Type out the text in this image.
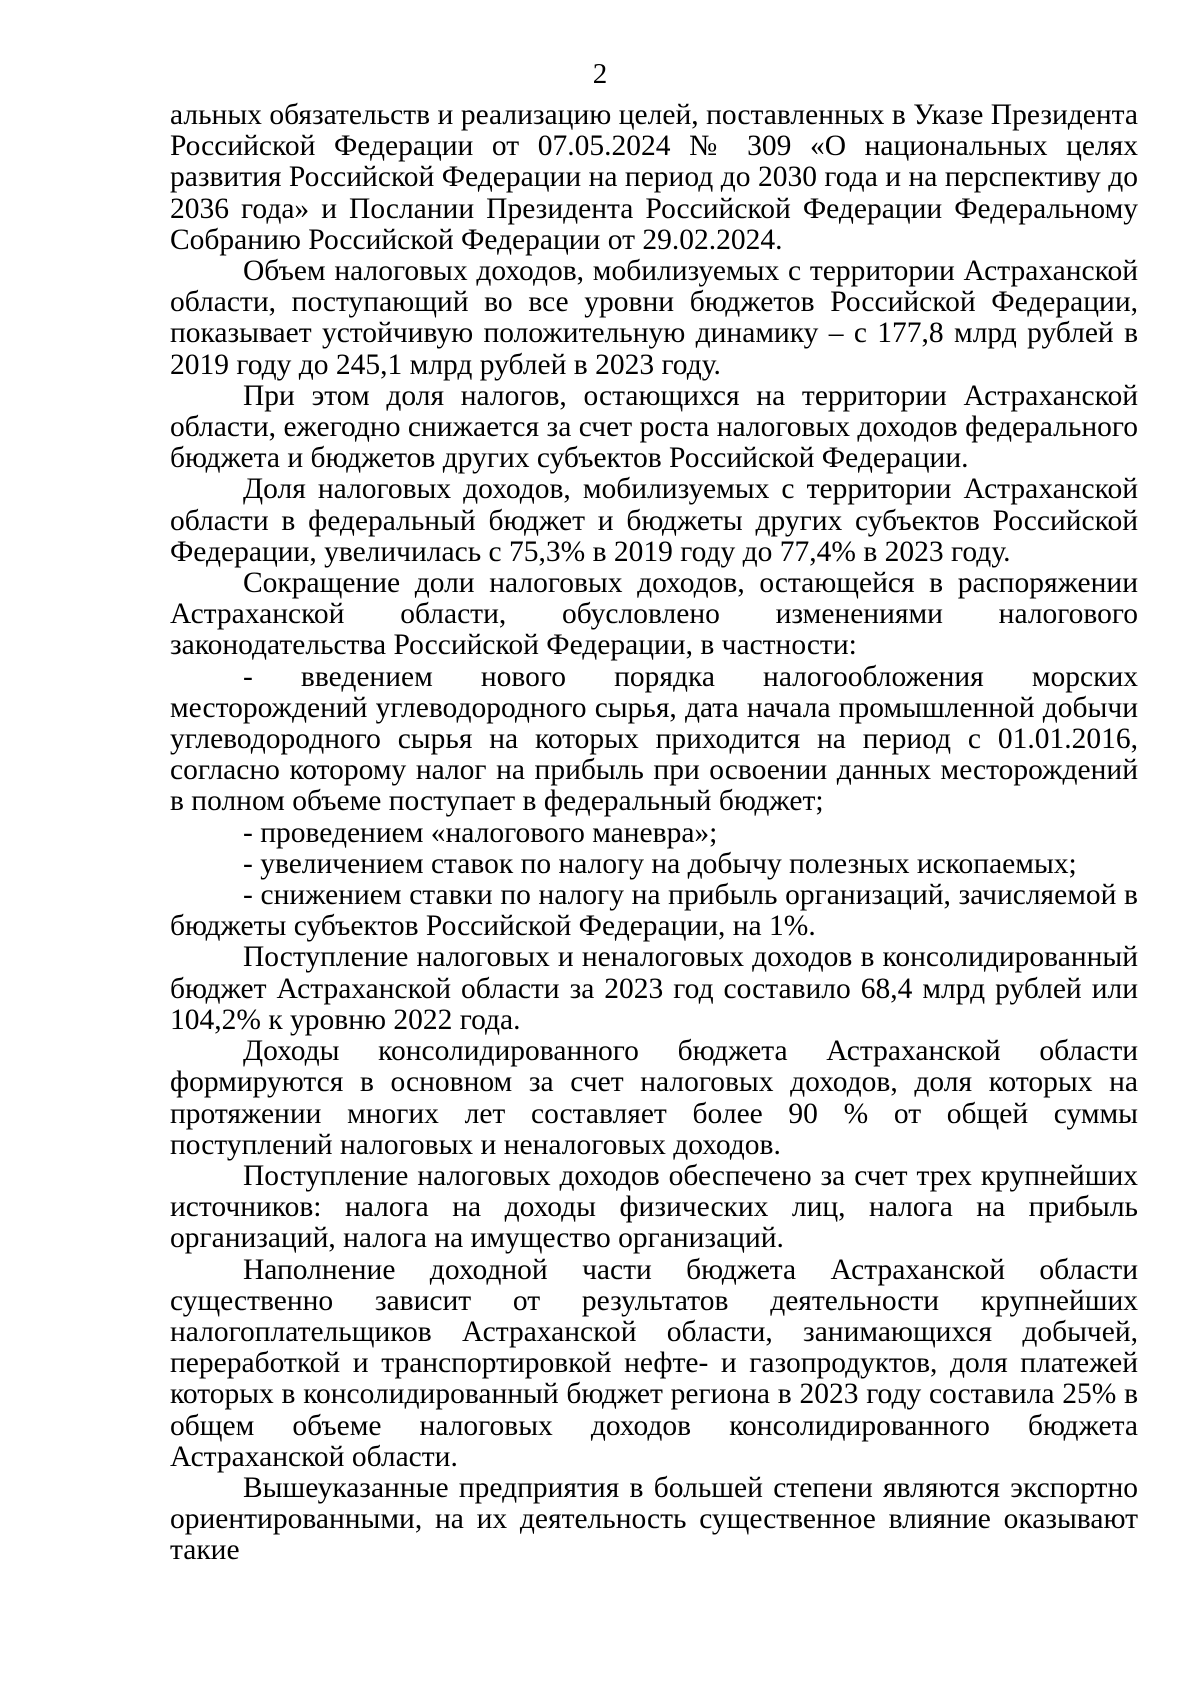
2

альных обязательств и реализацию целей, поставленных в Указе Президента Российской Федерации от 07.05.2024 № 309 «О национальных целях развития Российской Федерации на период до 2030 года и на перспективу до 2036 года» и Послании Президента Российской Федерации Федеральному Собранию Российской Федерации от 29.02.2024.

Объем налоговых доходов, мобилизуемых с территории Астраханской области, поступающий во все уровни бюджетов Российской Федерации, показывает устойчивую положительную динамику – с 177,8 млрд рублей в 2019 году до 245,1 млрд рублей в 2023 году.

При этом доля налогов, остающихся на территории Астраханской области, ежегодно снижается за счет роста налоговых доходов федерального бюджета и бюджетов других субъектов Российской Федерации.

Доля налоговых доходов, мобилизуемых с территории Астраханской области в федеральный бюджет и бюджеты других субъектов Российской Федерации, увеличилась с 75,3% в 2019 году до 77,4% в 2023 году.

Сокращение доли налоговых доходов, остающейся в распоряжении Астраханской области, обусловлено изменениями налогового законодательства Российской Федерации, в частности:

- введением нового порядка налогообложения морских месторождений углеводородного сырья, дата начала промышленной добычи углеводородного сырья на которых приходится на период с 01.01.2016, согласно которому налог на прибыль при освоении данных месторождений в полном объеме поступает в федеральный бюджет;

- проведением «налогового маневра»;

- увеличением ставок по налогу на добычу полезных ископаемых;

- снижением ставки по налогу на прибыль организаций, зачисляемой в бюджеты субъектов Российской Федерации, на 1%.

Поступление налоговых и неналоговых доходов в консолидированный бюджет Астраханской области за 2023 год составило 68,4 млрд рублей или 104,2% к уровню 2022 года.

Доходы консолидированного бюджета Астраханской области формируются в основном за счет налоговых доходов, доля которых на протяжении многих лет составляет более 90 % от общей суммы поступлений налоговых и неналоговых доходов.

Поступление налоговых доходов обеспечено за счет трех крупнейших источников: налога на доходы физических лиц, налога на прибыль организаций, налога на имущество организаций.

Наполнение доходной части бюджета Астраханской области существенно зависит от результатов деятельности крупнейших налогоплательщиков Астраханской области, занимающихся добычей, переработкой и транспортировкой нефте- и газопродуктов, доля платежей которых в консолидированный бюджет региона в 2023 году составила 25% в общем объеме налоговых доходов консолидированного бюджета Астраханской области.

Вышеуказанные предприятия в большей степени являются экспортно ориентированными, на их деятельность существенное влияние оказывают такие
